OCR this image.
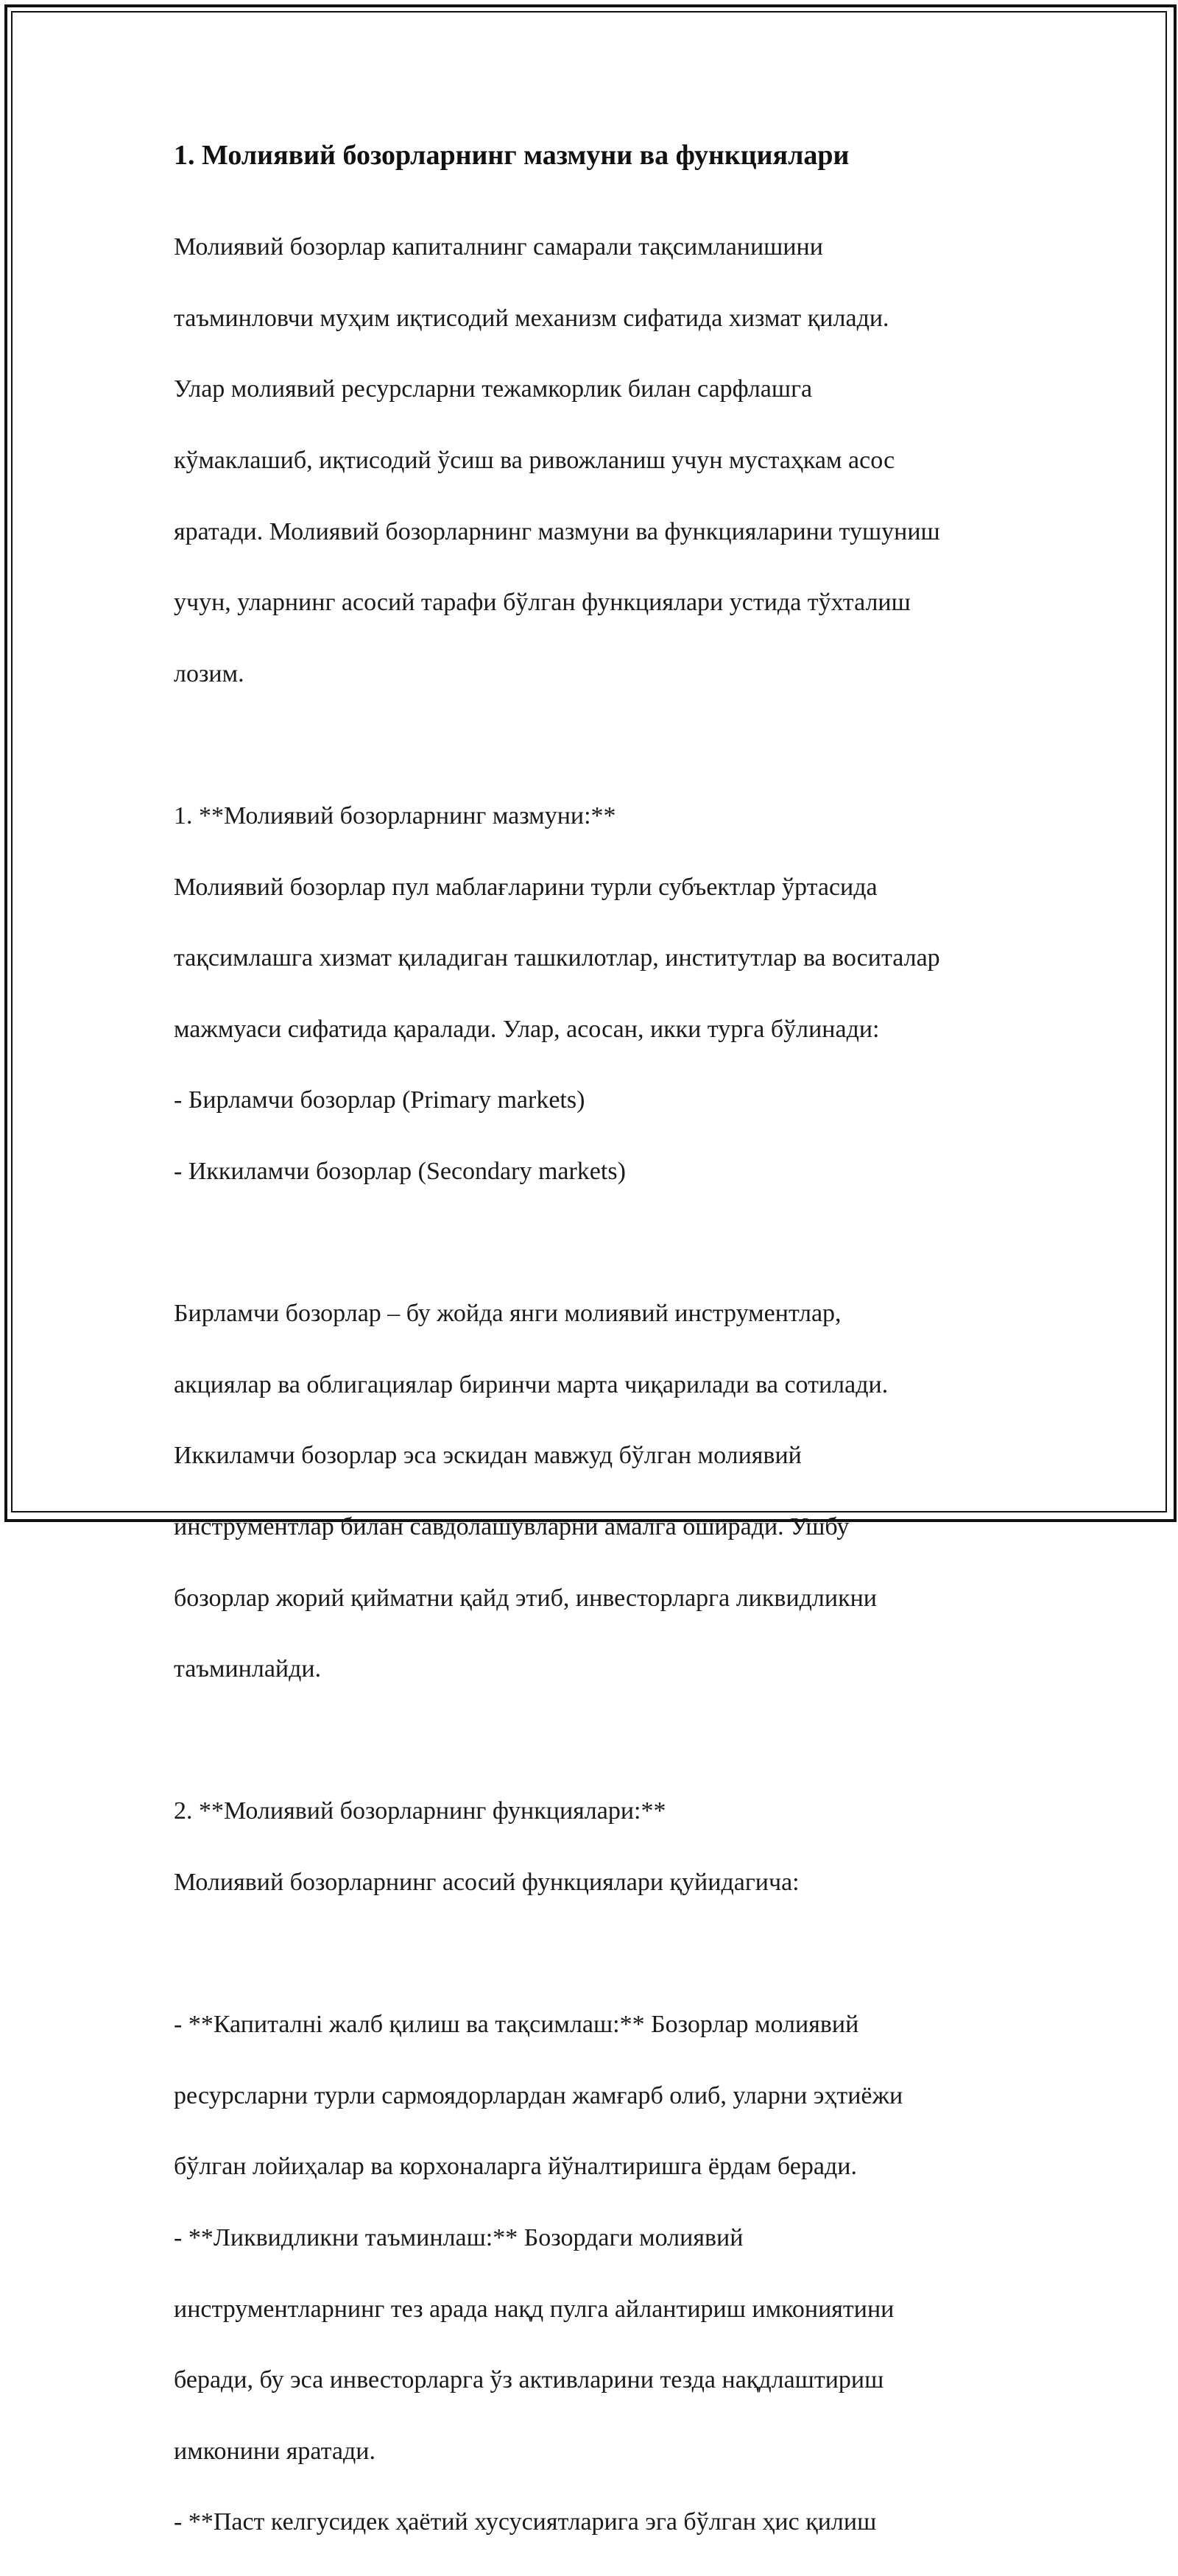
1. Молиявий бозорларнинг мазмуни ва функциялари

Молиявий бозорлар капиталнинг самарали тақсимланишини

таъминловчи муҳим иқтисодий механизм сифатида хизмат қилади.

Улар молиявий ресурсларни тежамкорлик билан сарфлашга

кўмаклашиб, иқтисодий ўсиш ва ривожланиш учун мустаҳкам асос

яратади. Молиявий бозорларнинг мазмуни ва функцияларини тушуниш

учун, уларнинг асосий тарафи бўлган функциялари устида тўхталиш

лозим.

1. **Молиявий бозорларнинг мазмуни:**

Молиявий бозорлар пул маблағларини турли субъектлар ўртасида

тақсимлашга хизмат қиладиган ташкилотлар, институтлар ва воситалар

мажмуаси сифатида қаралади. Улар, асосан, икки турга бўлинади:

- Бирламчи бозорлар (Primary markets)

- Иккиламчи бозорлар (Secondary markets)

Бирламчи бозорлар – бу жойда янги молиявий инструментлар,

акциялар ва облигациялар биринчи марта чиқарилади ва сотилади.

Иккиламчи бозорлар эса эскидан мавжуд бўлган молиявий

инструментлар билан савдолашувларни амалга оширади. Ушбу

бозорлар жорий қийматни қайд этиб, инвесторларга ликвидликни

таъминлайди.

2. **Молиявий бозорларнинг функциялари:**

Молиявий бозорларнинг асосий функциялари қуйидагича:

- **Капиталнi жалб қилиш ва тақсимлаш:** Бозорлар молиявий

ресурсларни турли сармоядорлардан жамғарб олиб, уларни эҳтиёжи

бўлган лойиҳалар ва корхоналарга йўналтиришга ёрдам беради.

- **Ликвидликни таъминлаш:** Бозордаги молиявий

инструментларнинг тез арада нақд пулга айлантириш имкониятини

беради, бу эса инвесторларга ўз активларини тезда нақдлаштириш

имконини яратади.

- **Паст келгусидек ҳаётий хусусиятларига эга бўлган ҳис қилиш
